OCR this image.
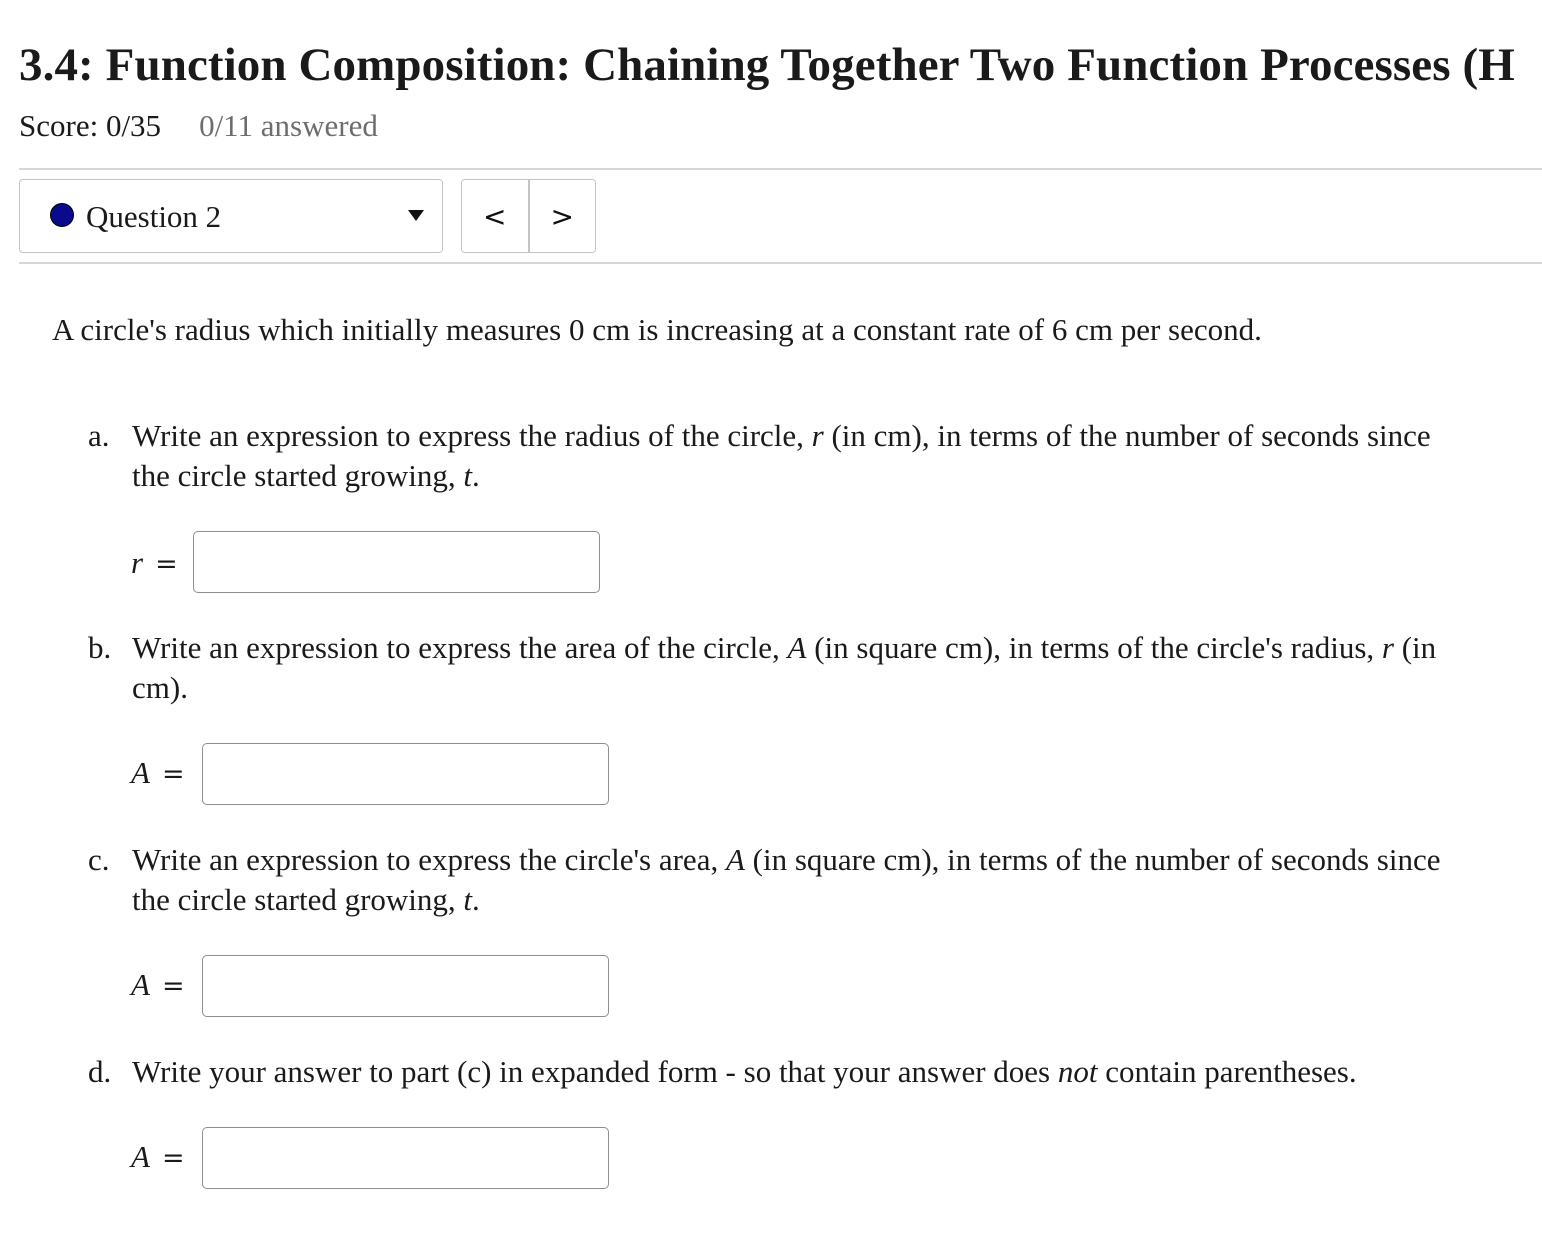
3.4: Function Composition: Chaining Together Two Function Processes (H
Score: 0/35 0/11 answered
Question 2	< >
A circle's radius which initially measures 0 cm is increasing at a constant rate of 6 cm per second.
a. Write an expression to express the radius of the circle, r (in cm), in terms of the number of seconds since the circle started growing, t.
r =
b. Write an expression to express the area of the circle, A (in square cm), in terms of the circle's radius, r (in cm).
A =
c. Write an expression to express the circle's area, A (in square cm), in terms of the number of seconds since the circle started growing, t.
A =
d. Write your answer to part (c) in expanded form - so that your answer does not contain parentheses.
A =
